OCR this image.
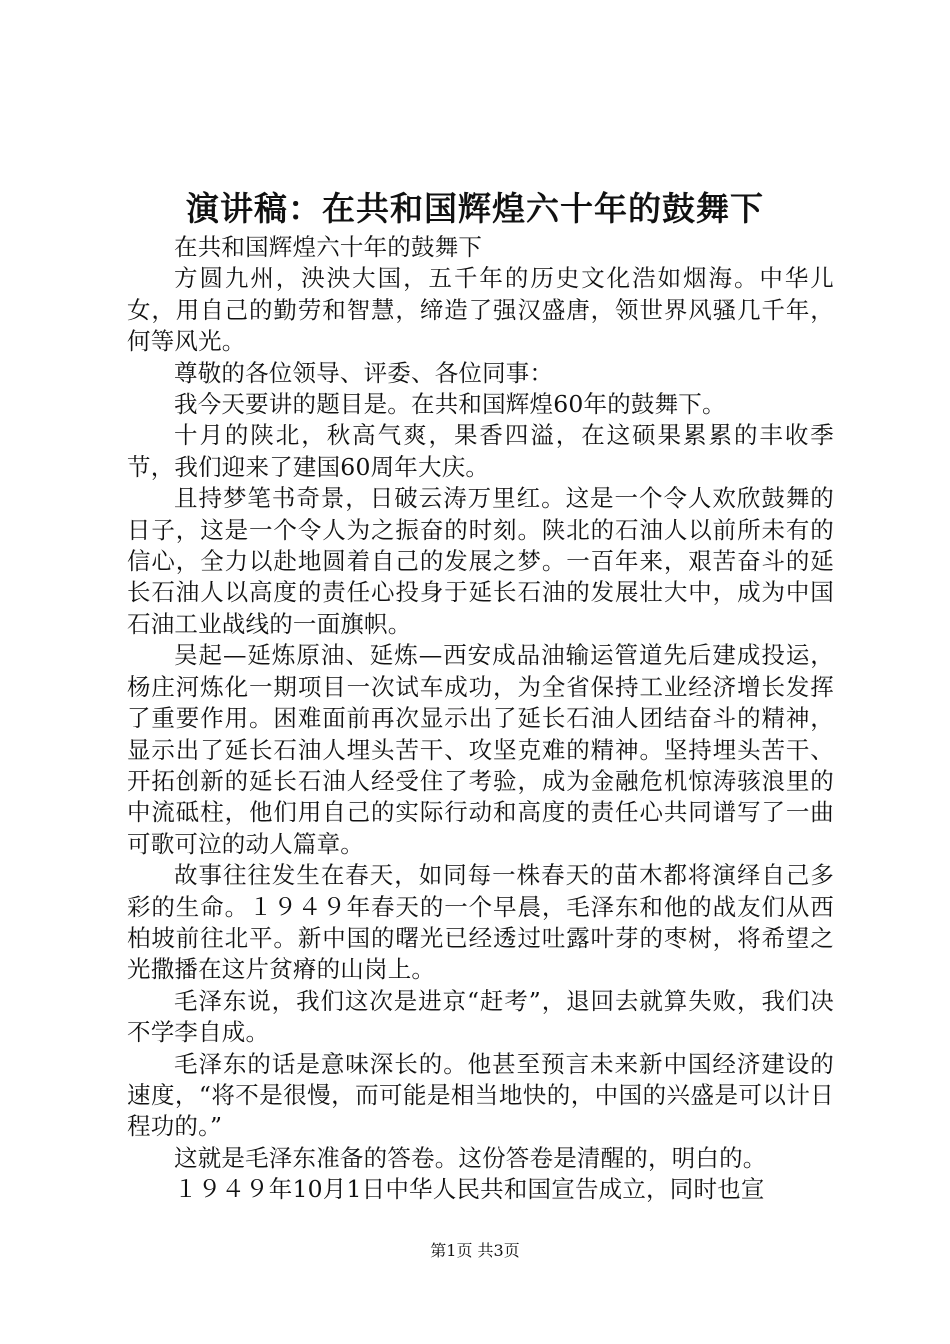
演讲稿：在共和国辉煌六十年的鼓舞下

在共和国辉煌六十年的鼓舞下

方圆九州，泱泱大国，五千年的历史文化浩如烟海。中华儿女，用自己的勤劳和智慧，缔造了强汉盛唐，领世界风骚几千年，何等风光。

尊敬的各位领导、评委、各位同事：

我今天要讲的题目是。在共和国辉煌60年的鼓舞下。

十月的陕北，秋高气爽，果香四溢，在这硕果累累的丰收季节，我们迎来了建国60周年大庆。

且持梦笔书奇景，日破云涛万里红。这是一个令人欢欣鼓舞的日子，这是一个令人为之振奋的时刻。陕北的石油人以前所未有的信心，全力以赴地圆着自己的发展之梦。一百年来，艰苦奋斗的延长石油人以高度的责任心投身于延长石油的发展壮大中，成为中国石油工业战线的一面旗帜。

吴起—延炼原油、延炼—西安成品油输运管道先后建成投运，杨庄河炼化一期项目一次试车成功，为全省保持工业经济增长发挥了重要作用。困难面前再次显示出了延长石油人团结奋斗的精神，显示出了延长石油人埋头苦干、攻坚克难的精神。坚持埋头苦干、开拓创新的延长石油人经受住了考验，成为金融危机惊涛骇浪里的中流砥柱，他们用自己的实际行动和高度的责任心共同谱写了一曲可歌可泣的动人篇章。

故事往往发生在春天，如同每一株春天的苗木都将演绎自己多彩的生命。１９４９年春天的一个早晨，毛泽东和他的战友们从西柏坡前往北平。新中国的曙光已经透过吐露叶芽的枣树，将希望之光撒播在这片贫瘠的山岗上。

毛泽东说，我们这次是进京“赶考”，退回去就算失败，我们决不学李自成。

毛泽东的话是意味深长的。他甚至预言未来新中国经济建设的速度，“将不是很慢，而可能是相当地快的，中国的兴盛是可以计日程功的。”

这就是毛泽东准备的答卷。这份答卷是清醒的，明白的。

１９４９年10月1日中华人民共和国宣告成立，同时也宣

第1页 共3页
